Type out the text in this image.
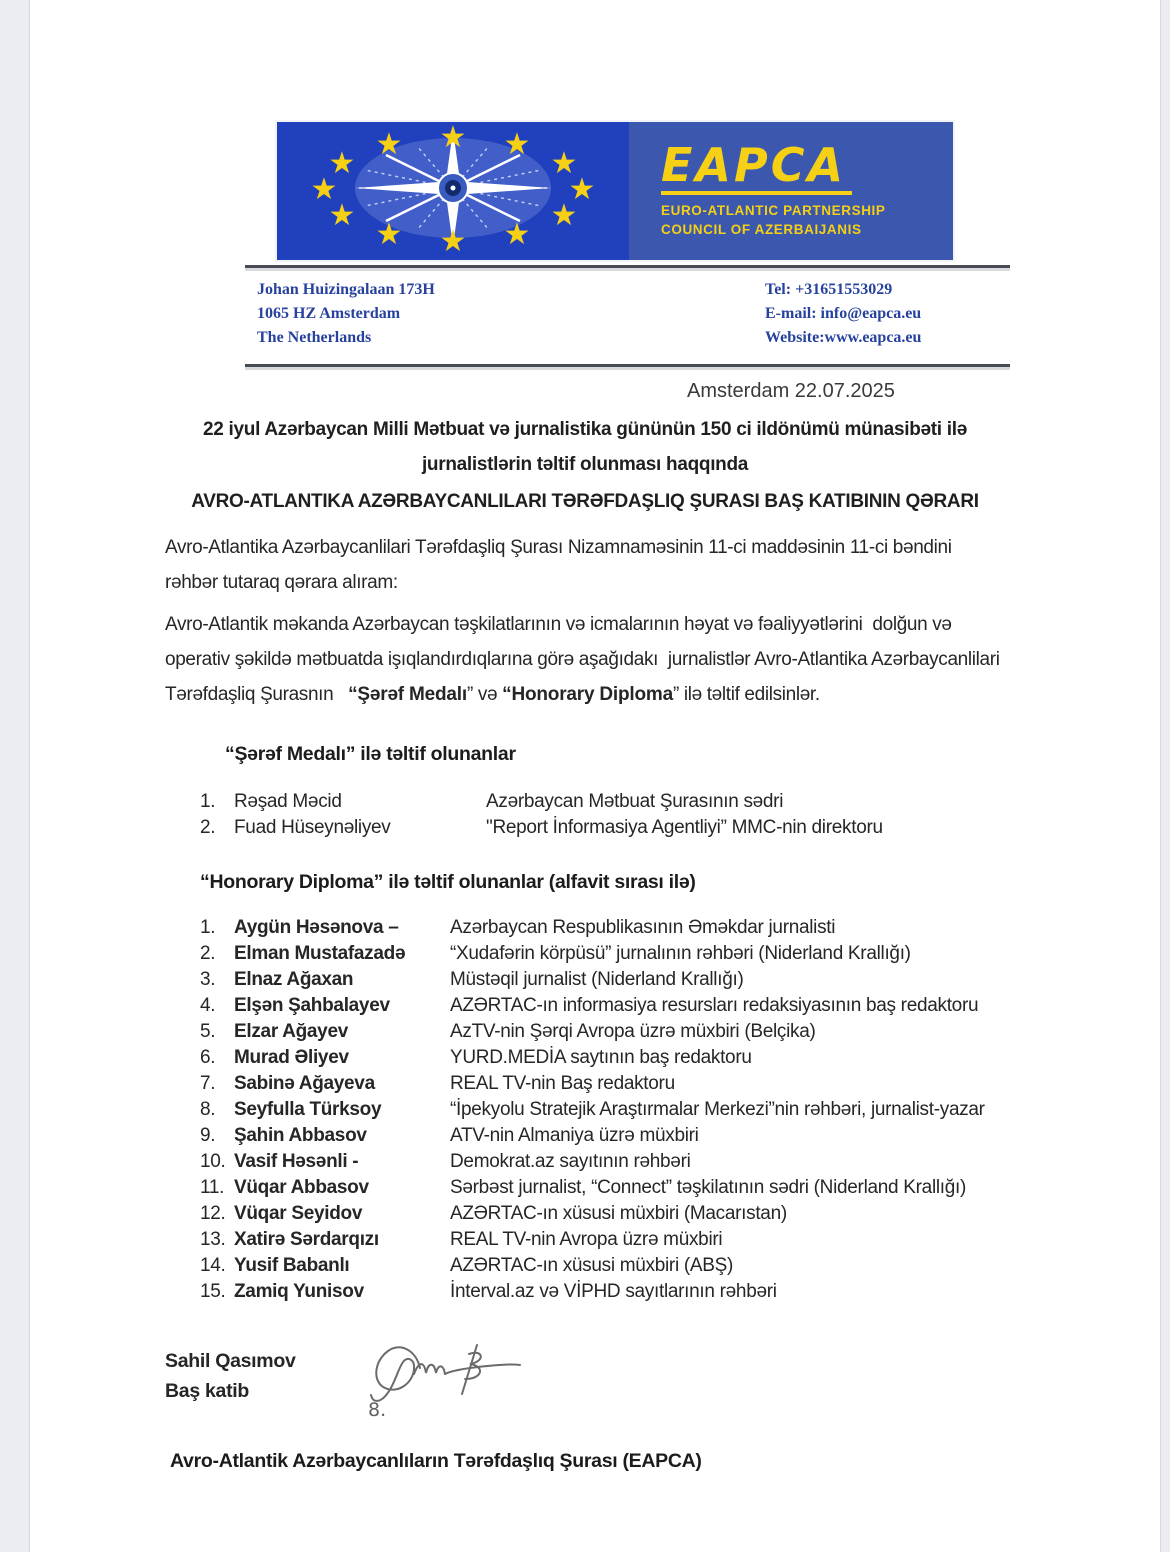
★ ★
★
★
★
★
★
★
★
★
★
★	EAPCA
EURO-ATLANTIC PARTNERSHIP
COUNCIL OF AZERBAIJANIS
Johan Huizingalaan 173H
1065 HZ Amsterdam
The Netherlands
Tel: +31651553029
E-mail: info@eapca.eu
Website:www.eapca.eu
Amsterdam 22.07.2025
22 iyul Azərbaycan Milli Mətbuat və jurnalistika gününün 150 ci ildönümü münasibəti ilə  jurnalistlərin təltif olunması haqqında
AVRO-ATLANTIKA AZƏRBAYCANLILARI TƏRƏFDAŞLIQ ŞURASI BAŞ KATIBININ QƏRARI

Avro-Atlantika Azərbaycanlilari Tərəfdaşliq Şurası Nizamnaməsinin 11-ci maddəsinin 11-ci bəndini rəhbər tutaraq qərara alıram:

Avro-Atlantik məkanda Azərbaycan təşkilatlarının və icmalarının həyat və fəaliyyətlərini  dolğun və operativ şəkildə mətbuatda işıqlandırdıqlarına görə aşağıdakı  jurnalistlər Avro-Atlantika Azərbaycanlilari Tərəfdaşliq Şurasnın   “Şərəf Medalı” və “Honorary Diploma” ilə təltif edilsinlər.

“Şərəf Medalı” ilə təltif olunanlar
1. Rəşad Məcid	Azərbaycan Mətbuat Şurasının sədri
2. Fuad Hüseynəliyev	"Report İnformasiya Agentliyi” MMC-nin direktoru
“Honorary Diploma” ilə təltif olunanlar (alfavit sırası ilə)
1. Aygün Həsənova –	Azərbaycan Respublikasının Əməkdar jurnalisti
2. Elman Mustafazadə	“Xudafərin körpüsü” jurnalının rəhbəri (Niderland Krallığı)
3. Elnaz Ağaxan	Müstəqil jurnalist (Niderland Krallığı)
4. Elşən Şahbalayev	AZƏRTAC-ın informasiya resursları redaksiyasının baş redaktoru
5. Elzar Ağayev	AzTV-nin Şərqi Avropa üzrə müxbiri (Belçika)
6. Murad Əliyev	YURD.MEDİA saytının baş redaktoru
7. Sabinə Ağayeva	REAL TV-nin Baş redaktoru
8. Seyfulla Türksoy	“İpekyolu Stratejik Araştırmalar Merkezi”nin rəhbəri, jurnalist-yazar
9. Şahin Abbasov	ATV-nin Almaniya üzrə müxbiri
10. Vasif Həsənli -	Demokrat.az sayıtının rəhbəri
11. Vüqar Abbasov	Sərbəst jurnalist, “Connect” təşkilatının sədri (Niderland Krallığı)
12. Vüqar Seyidov	AZƏRTAC-ın xüsusi müxbiri (Macarıstan)
13. Xatirə Sərdarqızı	REAL TV-nin Avropa üzrə müxbiri
14. Yusif Babanlı	AZƏRTAC-ın xüsusi müxbiri (ABŞ)
15. Zamiq Yunisov	İnterval.az və VİPHD sayıtlarının rəhbəri
Sahil Qasımov
Baş katib
8.
Avro-Atlantik Azərbaycanlıların Tərəfdaşlıq Şurası (EAPCA)
